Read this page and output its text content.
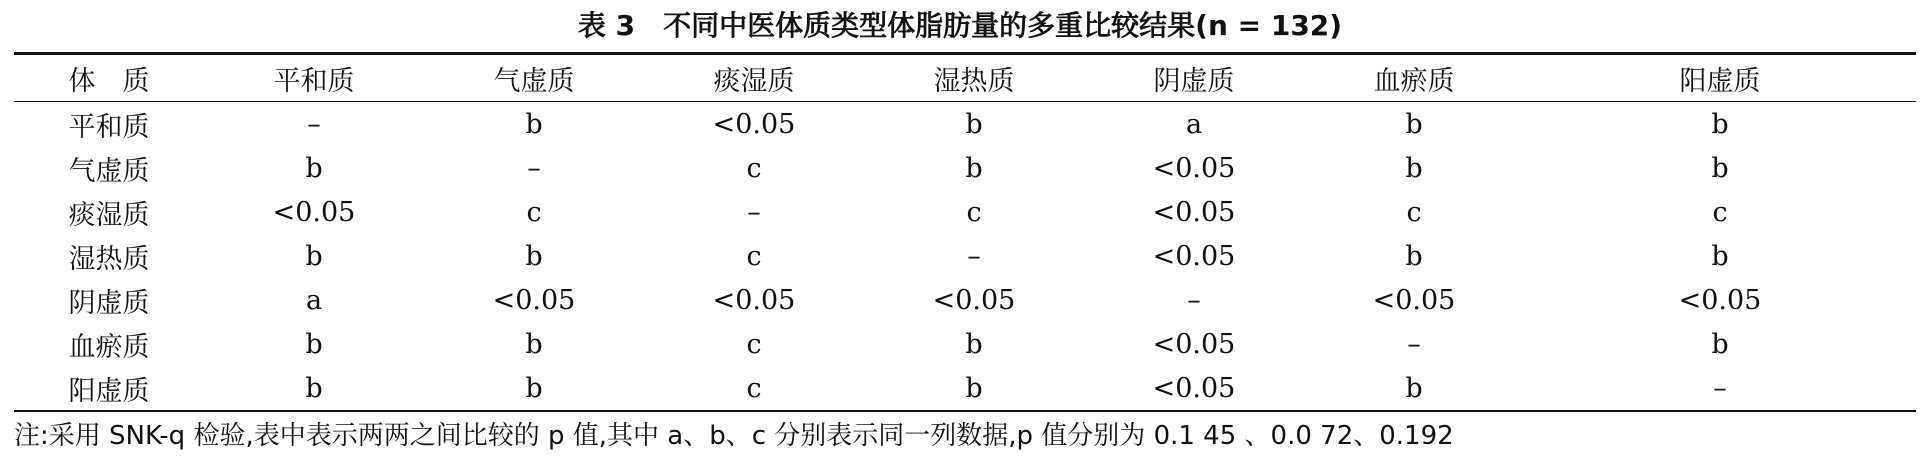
表 3 不同中医体质类型体脂肪量的多重比较结果(n = 132)
体　质	平和质	气虚质	痰湿质	湿热质	阴虚质	血瘀质	阳虚质
平和质	–	b	<0.05	b	a	b	b
气虚质	b	–	c	b	<0.05	b	b
痰湿质	<0.05	c	–	c	<0.05	c	c
湿热质	b	b	c	–	<0.05	b	b
阴虚质	a	<0.05	<0.05	<0.05	–	<0.05	<0.05
血瘀质	b	b	c	b	<0.05	–	b
阳虚质	b	b	c	b	<0.05	b	–
注:采用 SNK-q 检验,表中表示两两之间比较的 p 值,其中 a、b、c 分别表示同一列数据,p 值分别为 0.1 45 、0.0 72、0.192
